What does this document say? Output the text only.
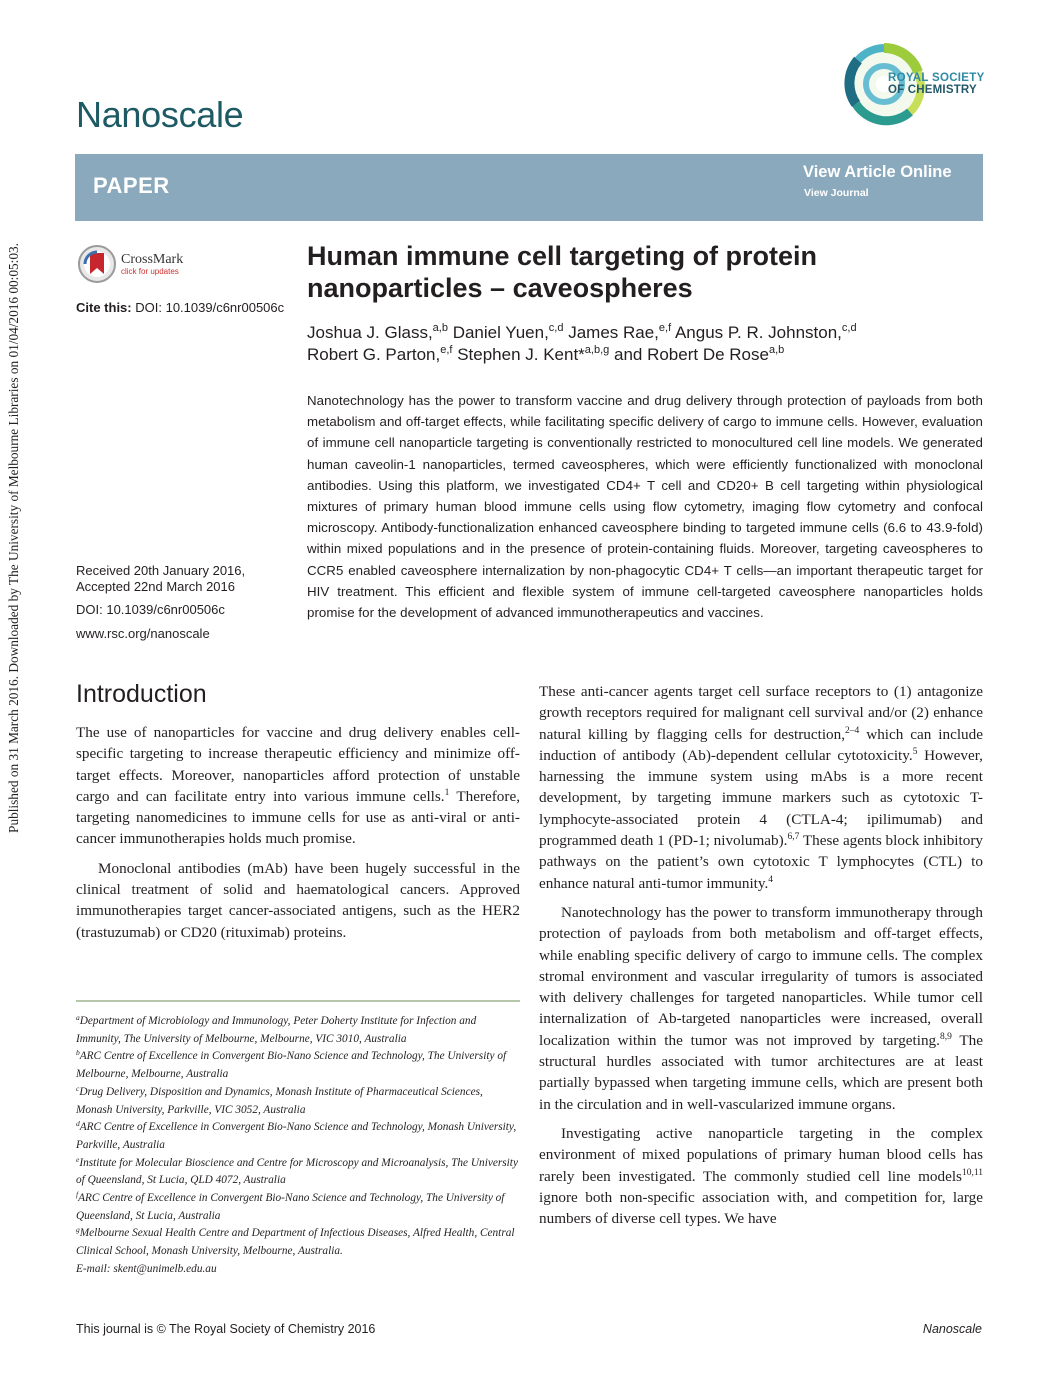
Published on 31 March 2016. Downloaded by The University of Melbourne Libraries on 01/04/2016 00:05:03.
Nanoscale
ROYAL SOCIETY
OF CHEMISTRY
PAPER
View Article Online
View Journal
CrossMark
click for updates
Cite this: DOI: 10.1039/c6nr00506c
Received 20th January 2016,
Accepted 22nd March 2016
DOI: 10.1039/c6nr00506c
www.rsc.org/nanoscale
Human immune cell targeting of protein
nanoparticles – caveospheres
Joshua J. Glass,$^{a,b}$ Daniel Yuen,$^{c,d}$ James Rae,$^{e,f}$ Angus P. R. Johnston,$^{c,d}$
Robert G. Parton,$^{e,f}$ Stephen J. Kent*$^{a,b,g}$ and Robert De Rose$^{a,b}$
Nanotechnology has the power to transform vaccine and drug delivery through protection of payloads from both metabolism and off-target effects, while facilitating specific delivery of cargo to immune cells. However, evaluation of immune cell nanoparticle targeting is conventionally restricted to monocultured cell line models. We generated human caveolin-1 nanoparticles, termed caveospheres, which were efficiently functionalized with monoclonal antibodies. Using this platform, we investigated CD4+ T cell and CD20+ B cell targeting within physiological mixtures of primary human blood immune cells using flow cytometry, imaging flow cytometry and confocal microscopy. Antibody-functionalization enhanced caveosphere binding to targeted immune cells (6.6 to 43.9-fold) within mixed populations and in the presence of protein-containing fluids. Moreover, targeting caveospheres to CCR5 enabled caveosphere internalization by non-phagocytic CD4+ T cells—an important therapeutic target for HIV treatment. This efficient and flexible system of immune cell-targeted caveosphere nanoparticles holds promise for the development of advanced immunotherapeutics and vaccines.
Introduction

The use of nanoparticles for vaccine and drug delivery enables cell-specific targeting to increase therapeutic efficiency and minimize off-target effects. Moreover, nanoparticles afford protection of unstable cargo and can facilitate entry into various immune cells.$^1$ Therefore, targeting nanomedicines to immune cells for use as anti-viral or anti-cancer immunotherapies holds much promise.

Monoclonal antibodies (mAb) have been hugely successful in the clinical treatment of solid and haematological cancers. Approved immunotherapies target cancer-associated antigens, such as the HER2 (trastuzumab) or CD20 (rituximab) proteins.

$^a$Department of Microbiology and Immunology, Peter Doherty Institute for Infection and Immunity, The University of Melbourne, Melbourne, VIC 3010, Australia
$^b$ARC Centre of Excellence in Convergent Bio-Nano Science and Technology, The University of Melbourne, Melbourne, Australia
$^c$Drug Delivery, Disposition and Dynamics, Monash Institute of Pharmaceutical Sciences, Monash University, Parkville, VIC 3052, Australia
$^d$ARC Centre of Excellence in Convergent Bio-Nano Science and Technology, Monash University, Parkville, Australia
$^e$Institute for Molecular Bioscience and Centre for Microscopy and Microanalysis, The University of Queensland, St Lucia, QLD 4072, Australia
$^f$ARC Centre of Excellence in Convergent Bio-Nano Science and Technology, The University of Queensland, St Lucia, Australia
$^g$Melbourne Sexual Health Centre and Department of Infectious Diseases, Alfred Health, Central Clinical School, Monash University, Melbourne, Australia.
E-mail: skent@unimelb.edu.au

These anti-cancer agents target cell surface receptors to (1) antagonize growth receptors required for malignant cell survival and/or (2) enhance natural killing by flagging cells for destruction,$^{2-4}$ which can include induction of antibody (Ab)-dependent cellular cytotoxicity.$^5$ However, harnessing the immune system using mAbs is a more recent development, by targeting immune markers such as cytotoxic T-lymphocyte-associated protein 4 (CTLA-4; ipilimumab) and programmed death 1 (PD-1; nivolumab).$^{6,7}$ These agents block inhibitory pathways on the patient’s own cytotoxic T lymphocytes (CTL) to enhance natural anti-tumor immunity.$^4$

Nanotechnology has the power to transform immunotherapy through protection of payloads from both metabolism and off-target effects, while enabling specific delivery of cargo to immune cells. The complex stromal environment and vascular irregularity of tumors is associated with delivery challenges for targeted nanoparticles. While tumor cell internalization of Ab-targeted nanoparticles were increased, overall localization within the tumor was not improved by targeting.$^{8,9}$ The structural hurdles associated with tumor architectures are at least partially bypassed when targeting immune cells, which are present both in the circulation and in well-vascularized immune organs.

Investigating active nanoparticle targeting in the complex environment of mixed populations of primary human blood cells has rarely been investigated. The commonly studied cell line models$^{10,11}$ ignore both non-specific association with, and competition for, large numbers of diverse cell types. We have

This journal is © The Royal Society of Chemistry 2016	Nanoscale
